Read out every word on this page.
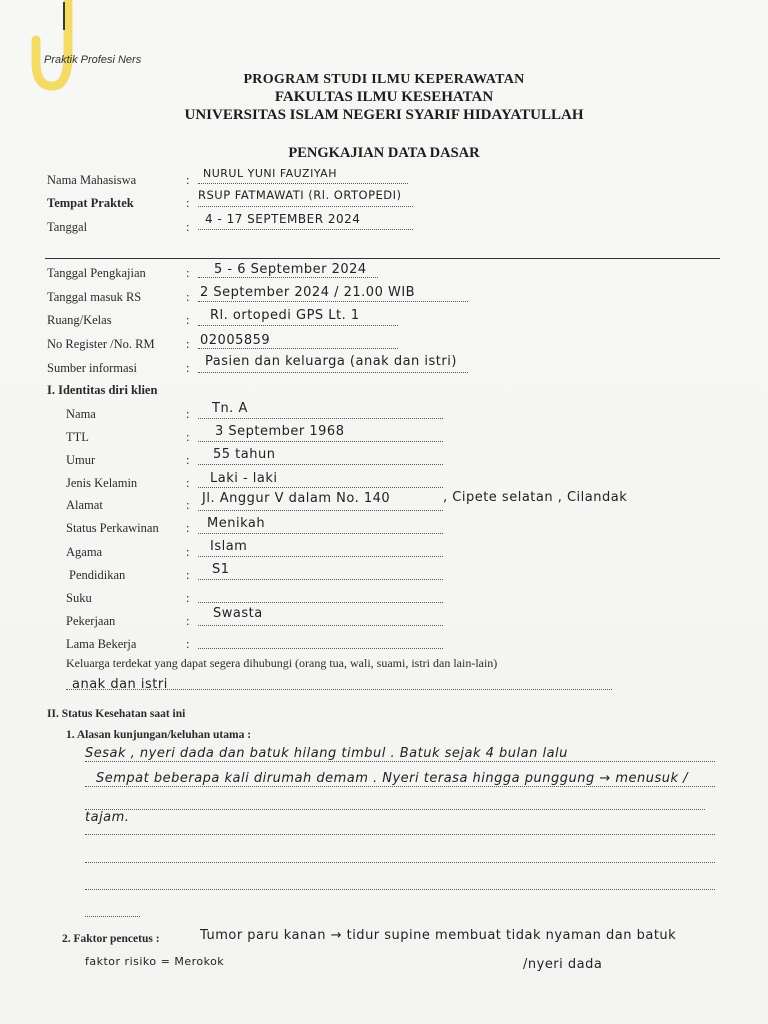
Praktik Profesi Ners
PROGRAM STUDI ILMU KEPERAWATAN
FAKULTAS ILMU KESEHATAN
UNIVERSITAS ISLAM NEGERI SYARIF HIDAYATULLAH
PENGKAJIAN DATA DASAR
Nama Mahasiswa	: NURUL YUNI FAUZIYAH
Tempat Praktek	:
RSUP FATMAWATI (Rl. ORTOPEDI)
Tanggal	:
4 - 17 SEPTEMBER 2024
Tanggal Pengkajian	: 5 - 6 September 2024
Tanggal masuk RS	: 2 September 2024 / 21.00 WIB
Ruang/Kelas	: Rl. ortopedi GPS Lt. 1
No Register /No. RM	: 02005859
Sumber informasi	: Pasien dan keluarga (anak dan istri)
I. Identitas diri klien
Nama	: Tn. A
TTL	: 3 September 1968
Umur	: 55 tahun
Jenis Kelamin	: Laki - laki
Alamat	: Jl. Anggur V dalam No. 140	, Cipete selatan , Cilandak
Status Perkawinan : Menikah
Agama	: Islam
Pendidikan	: S1
Suku	:
Pekerjaan	: Swasta
Lama Bekerja	:
Keluarga terdekat yang dapat segera dihubungi (orang tua, wali, suami, istri dan lain-lain)
anak dan istri
II. Status Kesehatan saat ini
1. Alasan kunjungan/keluhan utama :
Sesak , nyeri dada dan batuk hilang timbul . Batuk sejak 4 bulan lalu
Sempat beberapa kali dirumah demam . Nyeri terasa hingga punggung → menusuk /
tajam.
2. Faktor pencetus :	Tumor paru kanan → tidur supine membuat tidak nyaman dan batuk
faktor risiko = Merokok	/nyeri dada
